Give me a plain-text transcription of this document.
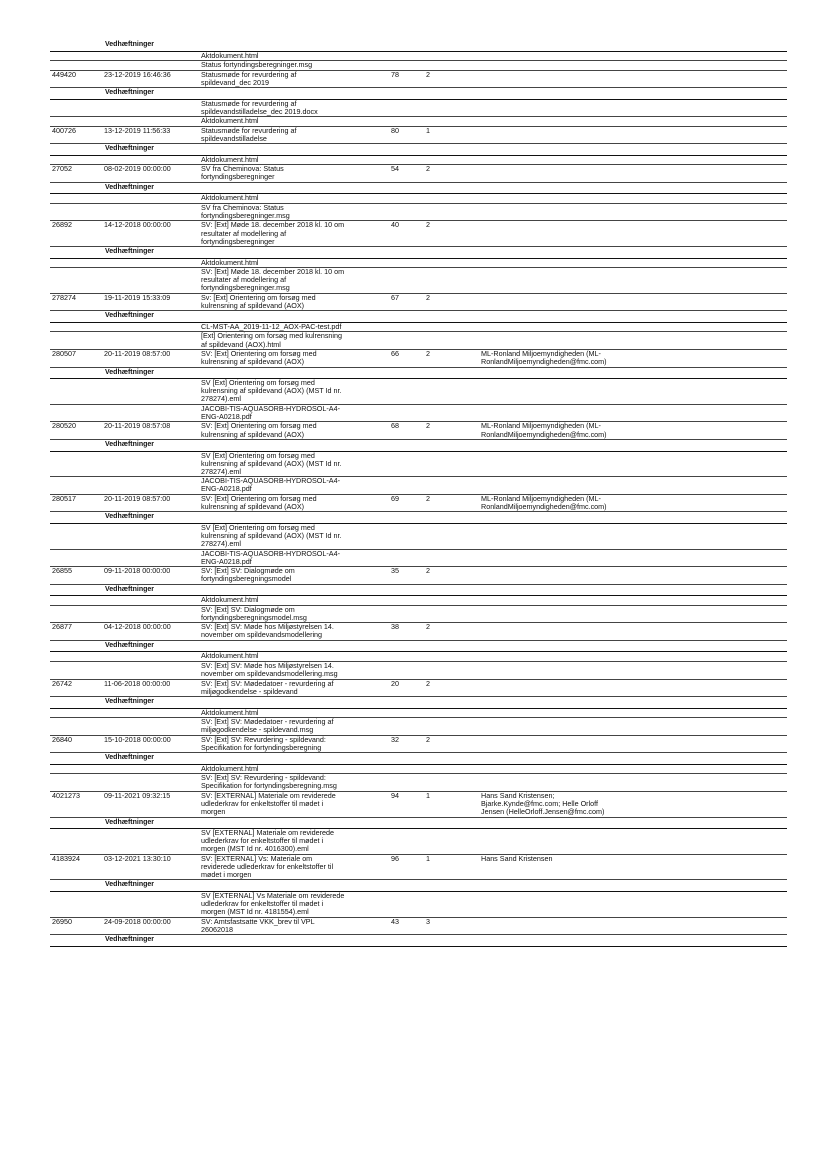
Vedhæftninger
Aktdokument.html
Status fortyndingsberegninger.msg
449420	23-12-2019 16:46:36	Statusmøde for revurdering af
spildevand_dec 2019
78	2
Vedhæftninger
Statusmøde for revurdering af
spildevandstilladelse_dec 2019.docx
Aktdokument.html
400726	13-12-2019 11:56:33	Statusmøde for revurdering af
spildevandstilladelse
80	1
Vedhæftninger
Aktdokument.html
27052	08-02-2019 00:00:00	SV fra Cheminova: Status
fortyndingsberegninger
54	2
Vedhæftninger
Aktdokument.html
SV fra Cheminova: Status
fortyndingsberegninger.msg
26892	14-12-2018 00:00:00	SV: [Ext] Møde 18. december 2018 kl. 10 om
resultater af modellering af
fortyndingsberegninger
40	2
Vedhæftninger
Aktdokument.html
SV: [Ext] Møde 18. december 2018 kl. 10 om
resultater af modellering af
fortyndingsberegninger.msg
278274	19-11-2019 15:33:09	Sv: [Ext] Orientering om forsøg med
kulrensning af spildevand (AOX)
67	2
Vedhæftninger
CL-MST-AA_2019-11-12_AOX-PAC-test.pdf
[Ext] Orientering om forsøg med kulrensning
af spildevand (AOX).html
280507	20-11-2019 08:57:00	SV: [Ext] Orientering om forsøg med
kulrensning af spildevand (AOX)
66	2	ML-Ronland Miljoemyndigheden (ML-
RonlandMiljoemyndigheden@fmc.com)
Vedhæftninger
SV [Ext] Orientering om forsøg med
kulrensning af spildevand (AOX) (MST Id nr.
278274).eml
JACOBI-TIS-AQUASORB-HYDROSOL-A4-
ENG-A0218.pdf
280520	20-11-2019 08:57:08	SV: [Ext] Orientering om forsøg med
kulrensning af spildevand (AOX)
68	2	ML-Ronland Miljoemyndigheden (ML-
RonlandMiljoemyndigheden@fmc.com)
Vedhæftninger
SV [Ext] Orientering om forsøg med
kulrensning af spildevand (AOX) (MST Id nr.
278274).eml
JACOBI-TIS-AQUASORB-HYDROSOL-A4-
ENG-A0218.pdf
280517	20-11-2019 08:57:00	SV: [Ext] Orientering om forsøg med
kulrensning af spildevand (AOX)
69	2	ML-Ronland Miljoemyndigheden (ML-
RonlandMiljoemyndigheden@fmc.com)
Vedhæftninger
SV [Ext] Orientering om forsøg med
kulrensning af spildevand (AOX) (MST Id nr.
278274).eml
JACOBI-TIS-AQUASORB-HYDROSOL-A4-
ENG-A0218.pdf
26855	09-11-2018 00:00:00	SV: [Ext] SV: Dialogmøde om
fortyndingsberegningsmodel
35	2
Vedhæftninger
Aktdokument.html
SV: [Ext] SV: Dialogmøde om
fortyndingsberegningsmodel.msg
26877	04-12-2018 00:00:00	SV: [Ext] SV: Møde hos Miljøstyrelsen 14.
november om spildevandsmodellering
38	2
Vedhæftninger
Aktdokument.html
SV: [Ext] SV: Møde hos Miljøstyrelsen 14.
november om spildevandsmodellering.msg
26742	11-06-2018 00:00:00	SV: [Ext] SV: Mødedatoer - revurdering af
miljøgodkendelse - spildevand
20	2
Vedhæftninger
Aktdokument.html
SV: [Ext] SV: Mødedatoer - revurdering af
miljøgodkendelse - spildevand.msg
26840	15-10-2018 00:00:00	SV: [Ext] SV: Revurdering - spildevand:
Specifikation for fortyndingsberegning
32	2
Vedhæftninger
Aktdokument.html
SV: [Ext] SV: Revurdering - spildevand:
Specifikation for fortyndingsberegning.msg
4021273	09-11-2021 09:32:15	SV: [EXTERNAL] Materiale om reviderede
udlederkrav for enkeltstoffer til mødet i
morgen
94	1	Hans Sand Kristensen;
Bjarke.Kynde@fmc.com; Helle Orloff
Jensen (HelleOrloff.Jensen@fmc.com)
Vedhæftninger
SV [EXTERNAL] Materiale om reviderede
udlederkrav for enkeltstoffer til mødet i
morgen (MST Id nr. 4016300).eml
4183924	03-12-2021 13:30:10	SV: [EXTERNAL] Vs: Materiale om
reviderede udlederkrav for enkeltstoffer til
mødet i morgen
96	1	Hans Sand Kristensen
Vedhæftninger
SV [EXTERNAL] Vs Materiale om reviderede
udlederkrav for enkeltstoffer til mødet i
morgen (MST Id nr. 4181554).eml
26950	24-09-2018 00:00:00	SV: Amtsfastsatte VKK_brev til VPL
26062018
43	3
Vedhæftninger
